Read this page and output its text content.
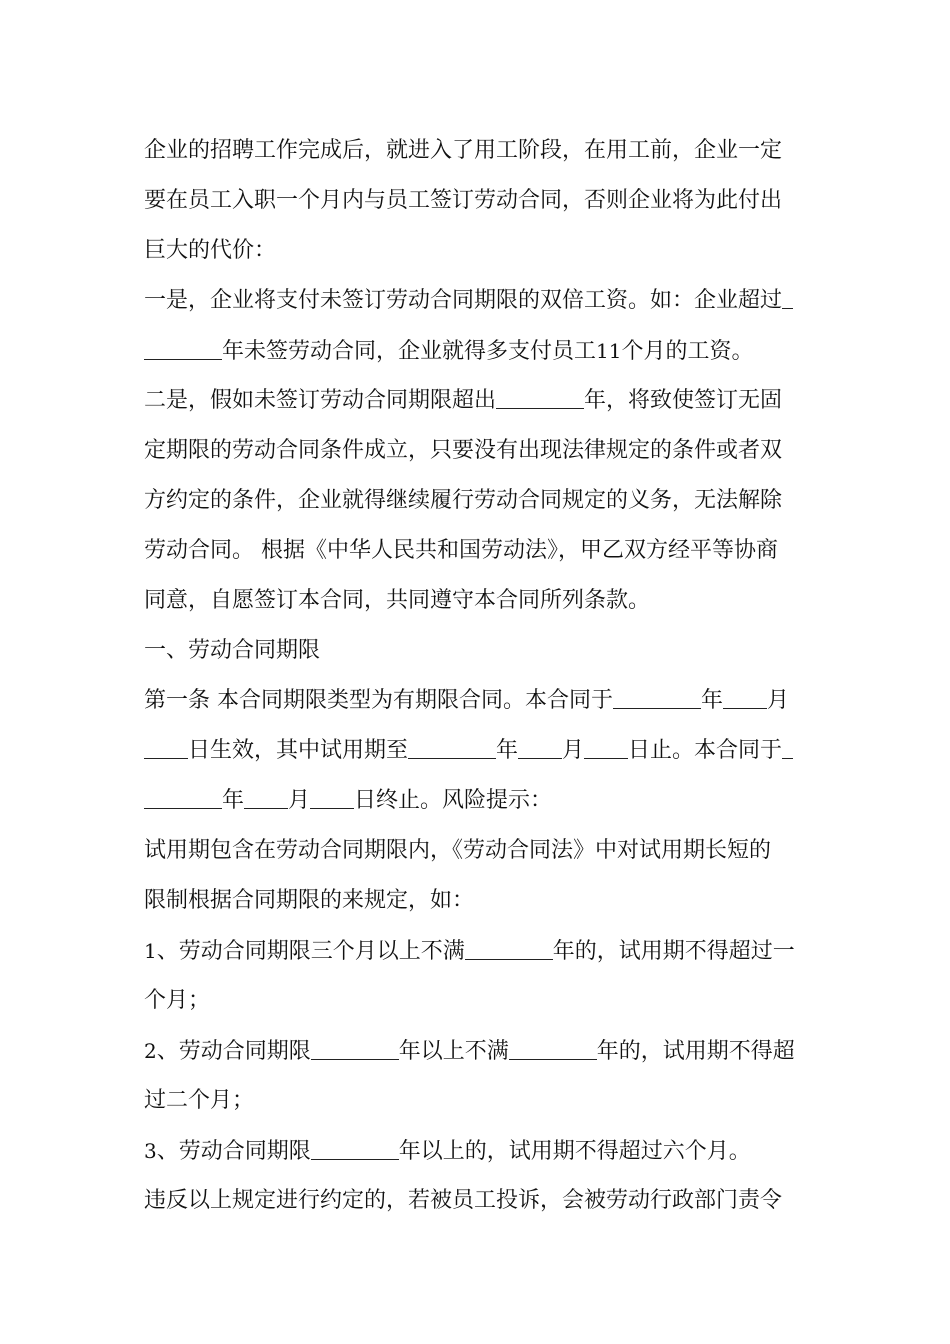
企业的招聘工作完成后，就进入了用工阶段，在用工前，企业一定
要在员工入职一个月内与员工签订劳动合同，否则企业将为此付出
巨大的代价：
一是，企业将支付未签订劳动合同期限的双倍工资。如：企业超过
年未签劳动合同，企业就得多支付员工11个月的工资。
二是，假如未签订劳动合同期限超出	年，将致使签订无固
定期限的劳动合同条件成立，只要没有出现法律规定的条件或者双
方约定的条件，企业就得继续履行劳动合同规定的义务，无法解除
劳动合同。 根据《中华人民共和国劳动法》，甲乙双方经平等协商
同意，自愿签订本合同，共同遵守本合同所列条款。
一、劳动合同期限
第一条 本合同期限类型为有期限合同。本合同于	年 月
日生效，其中试用期至	年 月 日止。本合同于
年 月 日终止。风险提示：
试用期包含在劳动合同期限内，《劳动合同法》中对试用期长短的
限制根据合同期限的来规定，如：
1、劳动合同期限三个月以上不满	年的，试用期不得超过一
个月；
2、劳动合同期限	年以上不满	年的，试用期不得超
过二个月；
3、劳动合同期限	年以上的，试用期不得超过六个月。
违反以上规定进行约定的，若被员工投诉，会被劳动行政部门责令
